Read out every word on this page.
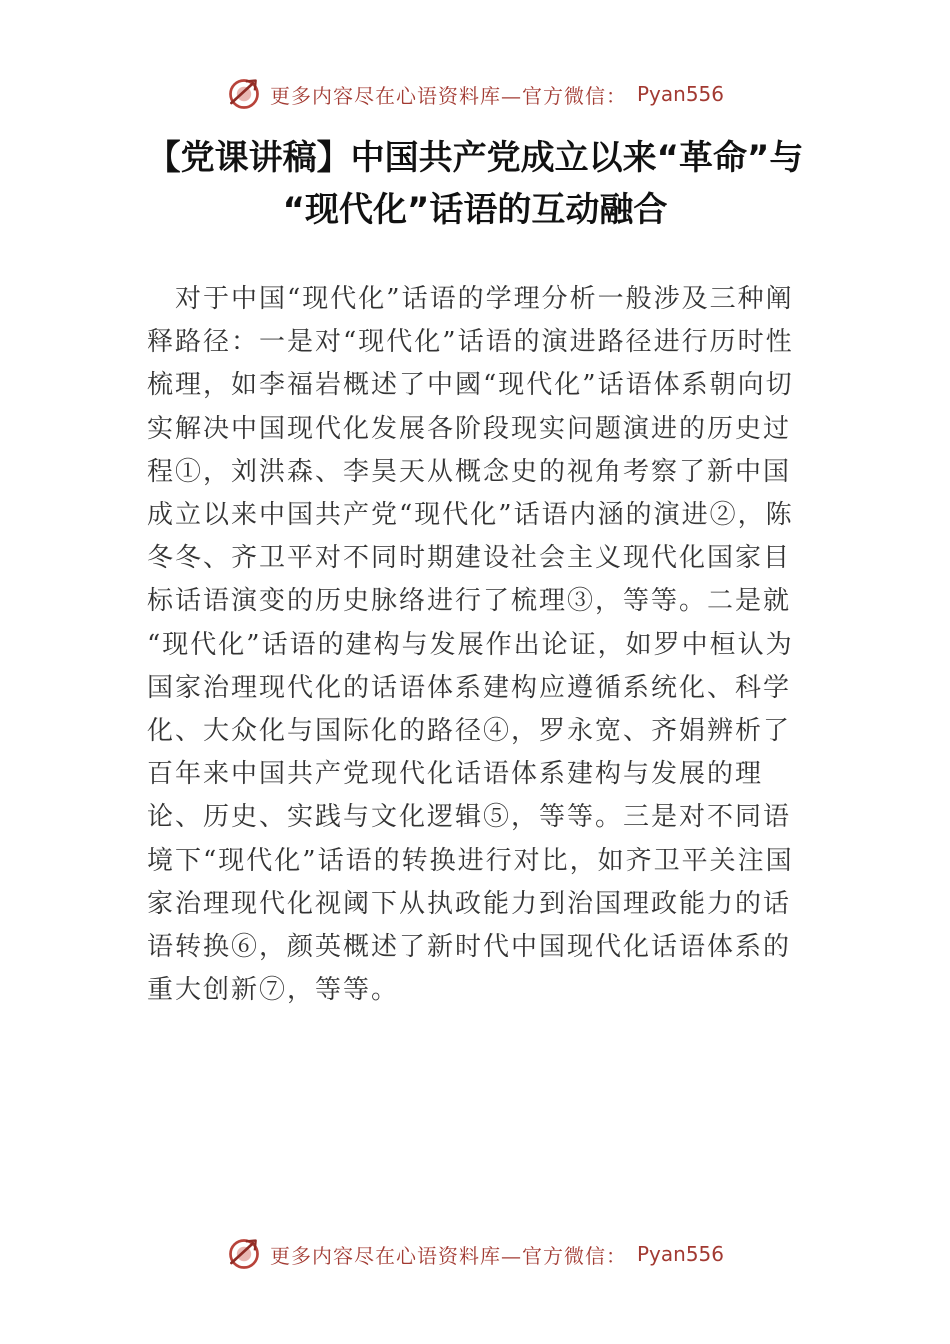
更多内容尽在心语资料库—官方微信： Pyan556
【党课讲稿】中国共产党成立以来“革命”与
“现代化”话语的互动融合
　对于中国“现代化”话语的学理分析一般涉及三种阐
释路径：一是对“现代化”话语的演进路径进行历时性
梳理，如李福岩概述了中國“现代化”话语体系朝向切
实解决中国现代化发展各阶段现实问题演进的历史过
程①，刘洪森、李昊天从概念史的视角考察了新中国
成立以来中国共产党“现代化”话语内涵的演进②，陈
冬冬、齐卫平对不同时期建设社会主义现代化国家目
标话语演变的历史脉络进行了梳理③，等等。二是就
“现代化”话语的建构与发展作出论证，如罗中桓认为
国家治理现代化的话语体系建构应遵循系统化、科学
化、大众化与国际化的路径④，罗永宽、齐娟辨析了
百年来中国共产党现代化话语体系建构与发展的理
论、历史、实践与文化逻辑⑤，等等。三是对不同语
境下“现代化”话语的转换进行对比，如齐卫平关注国
家治理现代化视阈下从执政能力到治国理政能力的话
语转换⑥，颜英概述了新时代中国现代化话语体系的
重大创新⑦，等等。
更多内容尽在心语资料库—官方微信： Pyan556
